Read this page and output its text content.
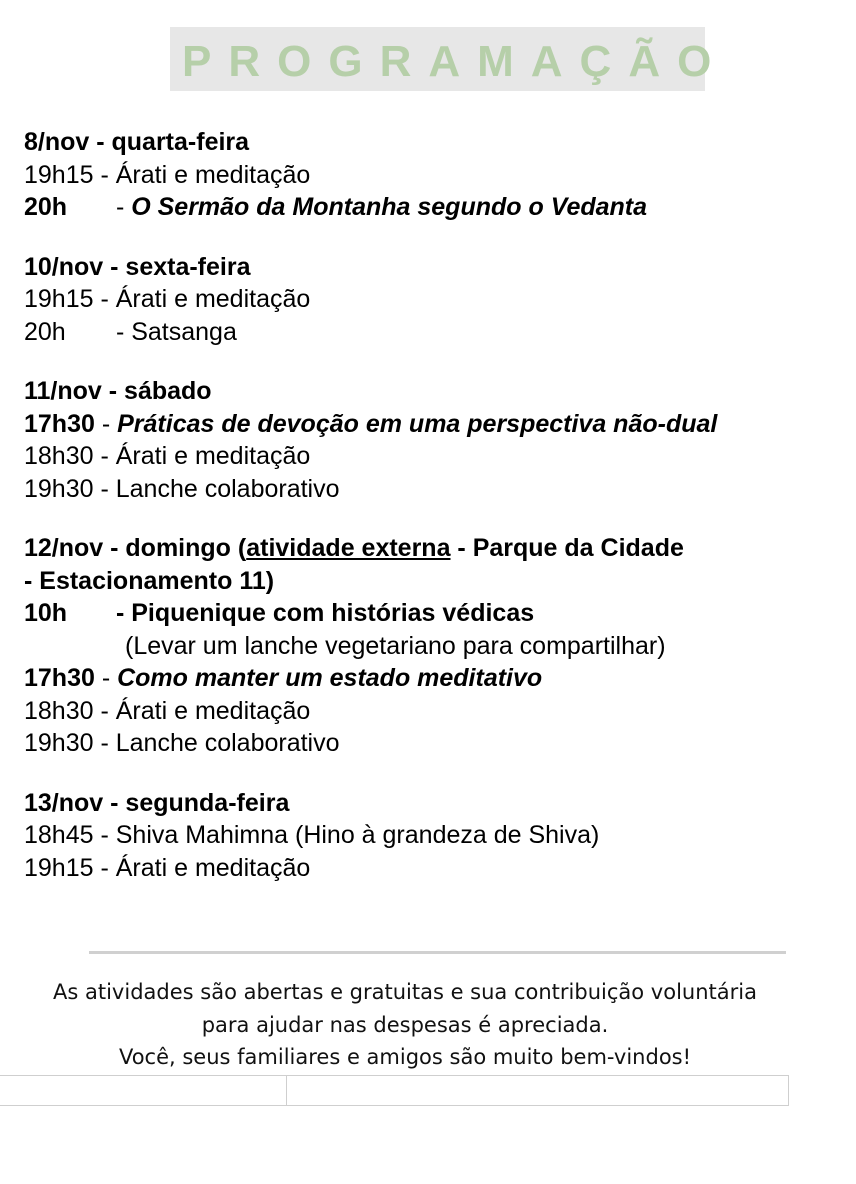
PROGRAMAÇÃO
8/nov - quarta-feira
19h15 - Árati e meditação
20h - O Sermão da Montanha segundo o Vedanta
10/nov - sexta-feira
19h15 - Árati e meditação
20h - Satsanga
11/nov - sábado
17h30 - Práticas de devoção em uma perspectiva não-dual
18h30 - Árati e meditação
19h30 - Lanche colaborativo
12/nov - domingo (atividade externa - Parque da Cidade
- Estacionamento 11)
10h - Piquenique com histórias védicas
(Levar um lanche vegetariano para compartilhar)
17h30 - Como manter um estado meditativo
18h30 - Árati e meditação
19h30 - Lanche colaborativo
13/nov - segunda-feira
18h45 - Shiva Mahimna (Hino à grandeza de Shiva)
19h15 - Árati e meditação
As atividades são abertas e gratuitas e sua contribuição voluntária
para ajudar nas despesas é apreciada.
Você, seus familiares e amigos são muito bem-vindos!
